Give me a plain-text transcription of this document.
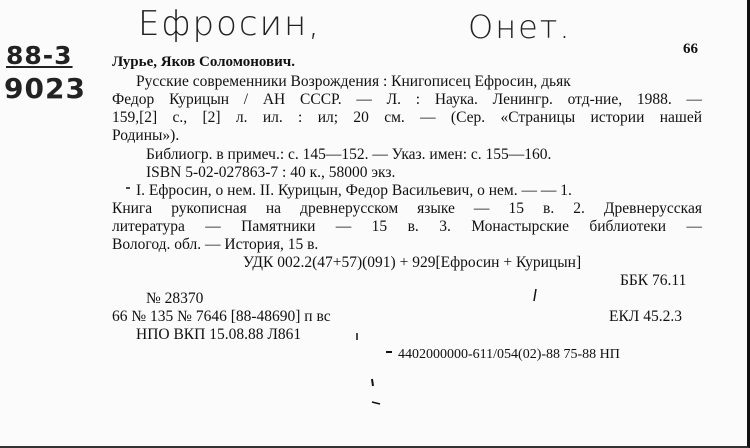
Ефросин,	Онет.
88-3
9023
66
Лурье, Яков Соломонович.
Русские современники Возрождения : Книгописец Ефросин, дьяк
Федор Курицын / АН СССР. — Л. : Наука. Ленингр. отд-ние, 1988. —
159,[2] с., [2] л. ил. : ил; 20 см. — (Сер. «Страницы истории нашей
Родины»).
Библиогр. в примеч.: с. 145—152. — Указ. имен: с. 155—160.
ISBN 5-02-027863-7 : 40 к., 58000 экз.
I. Ефросин, о нем. II. Курицын, Федор Васильевич, о нем. — — 1.
Книга рукописная на древнерусском языке — 15 в. 2. Древнерусская
литература — Памятники — 15 в. 3. Монастырские библиотеки —
Вологод. обл. — История, 15 в.
УДК 002.2(47+57)(091) + 929[Ефросин + Курицын]
ББК 76.11
№ 28370
66 № 135 № 7646 [88-48690] п вс	ЕКЛ 45.2.3
НПО ВКП 15.08.88 Л861
4402000000-611/054(02)-88 75-88 НП
